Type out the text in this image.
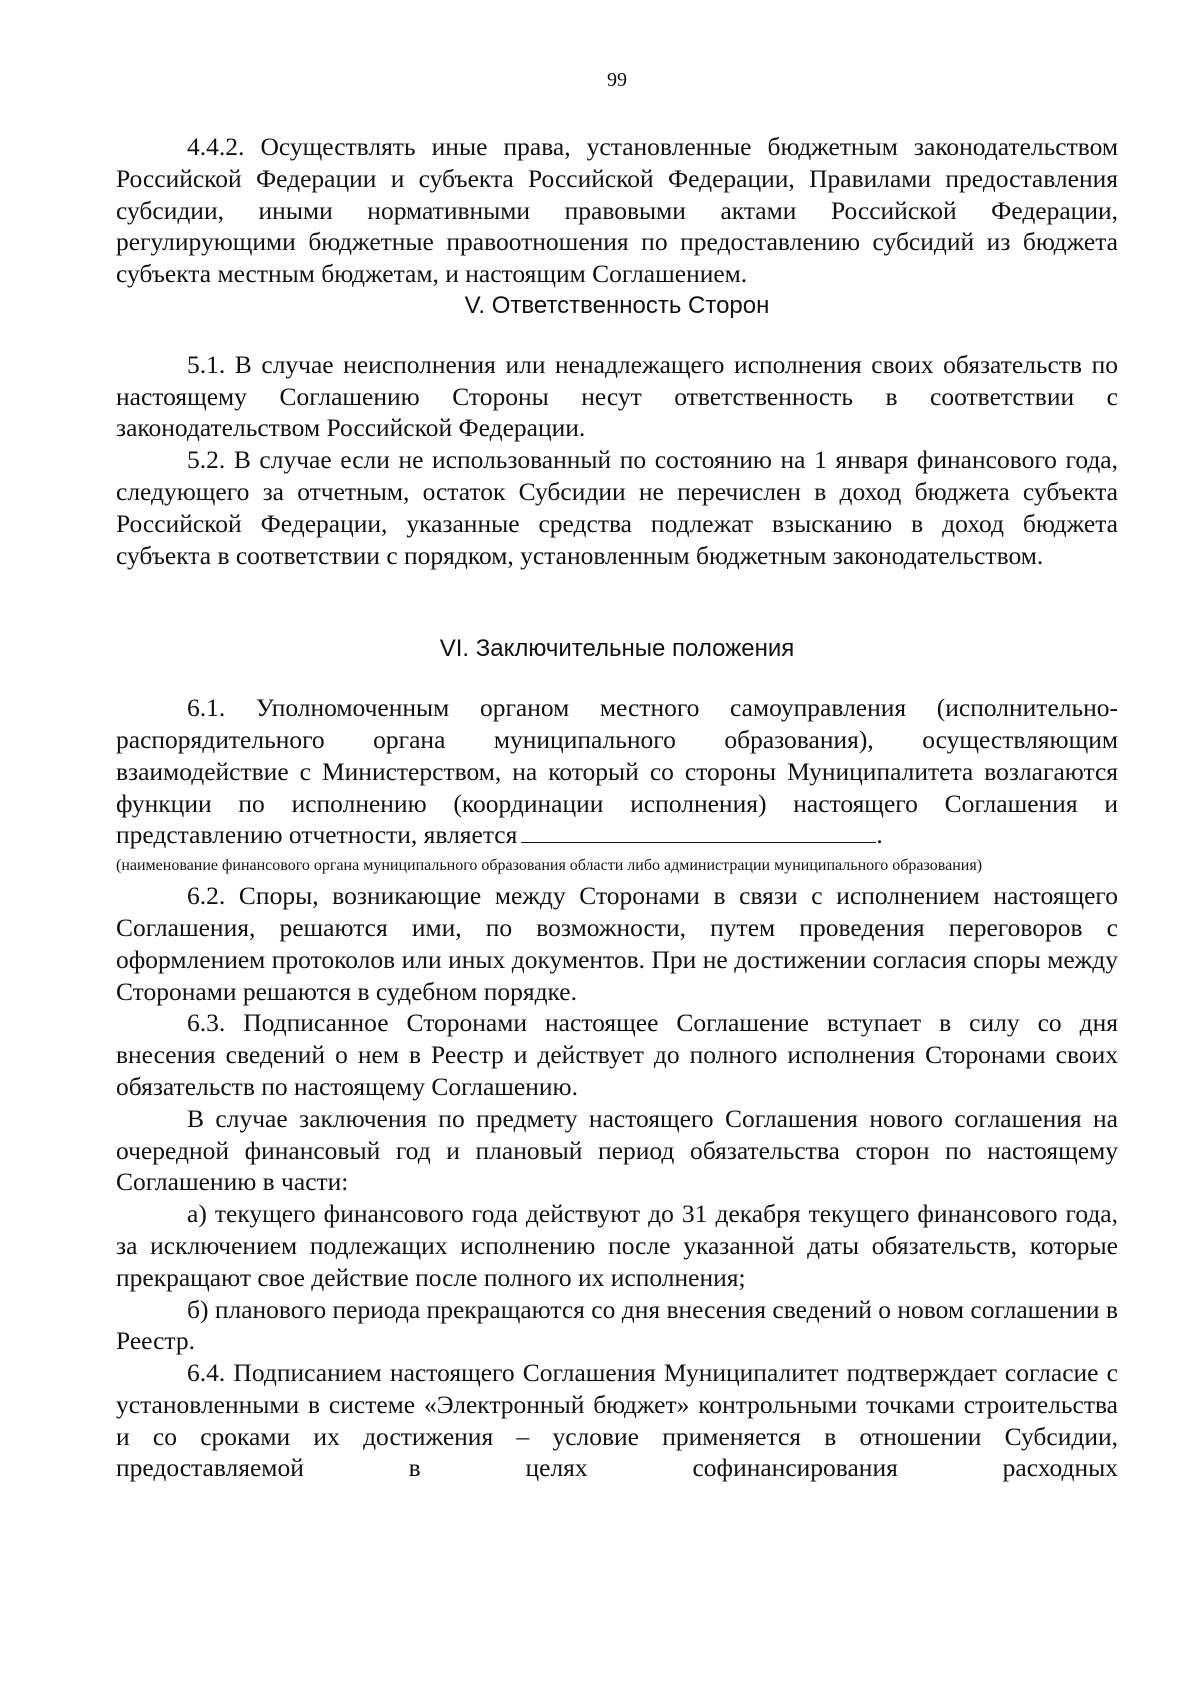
99

4.4.2. Осуществлять иные права, установленные бюджетным законодательством Российской Федерации и субъекта Российской Федерации, Правилами предоставления субсидии, иными нормативными правовыми актами Российской Федерации, регулирующими бюджетные правоотношения по предоставлению субсидий из бюджета субъекта местным бюджетам, и настоящим Соглашением.

V. Ответственность Сторон

5.1. В случае неисполнения или ненадлежащего исполнения своих обязательств по настоящему Соглашению Стороны несут ответственность в соответствии с законодательством Российской Федерации.

5.2. В случае если не использованный по состоянию на 1 января финансового года, следующего за отчетным, остаток Субсидии не перечислен в доход бюджета субъекта Российской Федерации, указанные средства подлежат взысканию в доход бюджета субъекта в соответствии с порядком, установленным бюджетным законодательством.

VI. Заключительные положения

6.1. Уполномоченным органом местного самоуправления (исполнительно-распорядительного органа муниципального образования), осуществляющим взаимодействие с Министерством, на который со стороны Муниципалитета возлагаются функции по исполнению (координации исполнения) настоящего Соглашения и представлению отчетности, является	.

(наименование финансового органа муниципального образования области либо администрации муниципального образования)

6.2. Споры, возникающие между Сторонами в связи с исполнением настоящего Соглашения, решаются ими, по возможности, путем проведения переговоров с оформлением протоколов или иных документов. При не достижении согласия споры между Сторонами решаются в судебном порядке.

6.3. Подписанное Сторонами настоящее Соглашение вступает в силу со дня внесения сведений о нем в Реестр и действует до полного исполнения Сторонами своих обязательств по настоящему Соглашению.

В случае заключения по предмету настоящего Соглашения нового соглашения на очередной финансовый год и плановый период обязательства сторон по настоящему Соглашению в части:

а) текущего финансового года действуют до 31 декабря текущего финансового года, за исключением подлежащих исполнению после указанной даты обязательств, которые прекращают свое действие после полного их исполнения;

б) планового периода прекращаются со дня внесения сведений о новом соглашении в Реестр.

6.4. Подписанием настоящего Соглашения Муниципалитет подтверждает согласие с установленными в системе «Электронный бюджет» контрольными точками строительства и со сроками их достижения – условие применяется в отношении Субсидии, предоставляемой в целях софинансирования расходных
